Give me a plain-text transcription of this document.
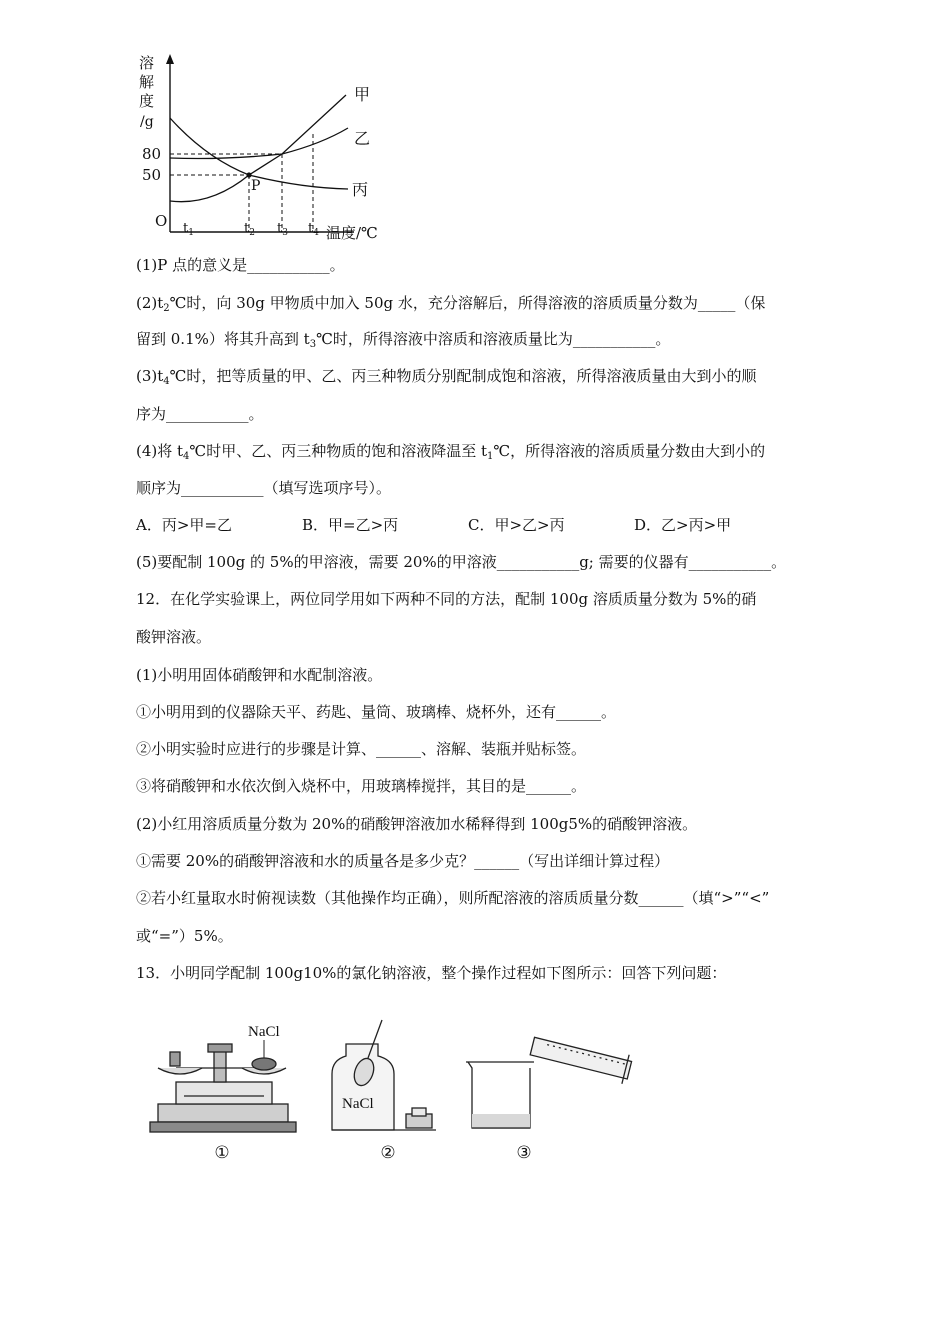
溶
解
度
/g
80
50
O
P
甲
乙
丙
$t_1$	$t_2$ $t_3$ $t_4$ 温度/℃
(1)P 点的意义是___________。
$(2)t_2℃$时，向 30g 甲物质中加入 50g 水，充分溶解后，所得溶液的溶质质量分数为_____（保
留到 0.1%）将其升高到 $t_3℃$时，所得溶液中溶质和溶液质量比为___________。
$(3)t_4℃$时，把等质量的甲、乙、丙三种物质分别配制成饱和溶液，所得溶液质量由大到小的顺
序为___________。
(4)将 $t_4℃$时甲、乙、丙三种物质的饱和溶液降温至 $t_1℃$，所得溶液的溶质质量分数由大到小的
顺序为___________（填写选项序号）。
A．丙>甲=乙	B．甲=乙>丙	C．甲>乙>丙	D．乙>丙>甲
(5)要配制 100g 的 5%的甲溶液，需要 20%的甲溶液___________g; 需要的仪器有___________。
12．在化学实验课上，两位同学用如下两种不同的方法，配制 100g 溶质质量分数为 5%的硝
酸钾溶液。
(1)小明用固体硝酸钾和水配制溶液。
①小明用到的仪器除天平、药匙、量筒、玻璃棒、烧杯外，还有______。
②小明实验时应进行的步骤是计算、______、溶解、装瓶并贴标签。
③将硝酸钾和水依次倒入烧杯中，用玻璃棒搅拌，其目的是______。
(2)小红用溶质质量分数为 20%的硝酸钾溶液加水稀释得到 100g5%的硝酸钾溶液。
①需要 20%的硝酸钾溶液和水的质量各是多少克？______（写出详细计算过程）
②若小红量取水时俯视读数（其他操作均正确），则所配溶液的溶质质量分数______（填“>”“<”
或“=”）5%。
13．小明同学配制 100g10%的氯化钠溶液，整个操作过程如下图所示：回答下列问题：
NaCl
NaCl
①	②	③
